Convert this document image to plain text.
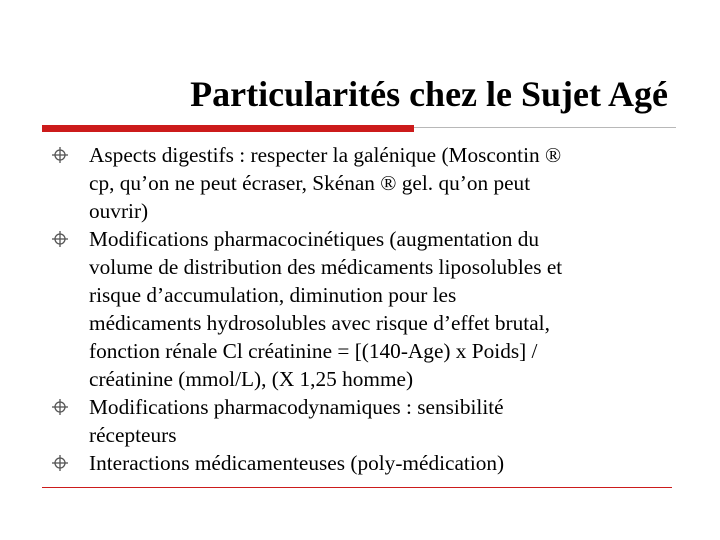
Particularités chez le Sujet Agé
Aspects digestifs : respecter la galénique (Moscontin ®
cp, qu’on ne peut écraser, Skénan ® gel. qu’on peut
ouvrir)
Modifications pharmacocinétiques (augmentation du
volume de distribution des médicaments liposolubles et
risque d’accumulation, diminution pour les
médicaments hydrosolubles avec risque d’effet brutal,
fonction rénale Cl créatinine = [(140-Age) x Poids] /
créatinine (mmol/L), (X 1,25 homme)
Modifications pharmacodynamiques : sensibilité
récepteurs
Interactions médicamenteuses (poly-médication)
